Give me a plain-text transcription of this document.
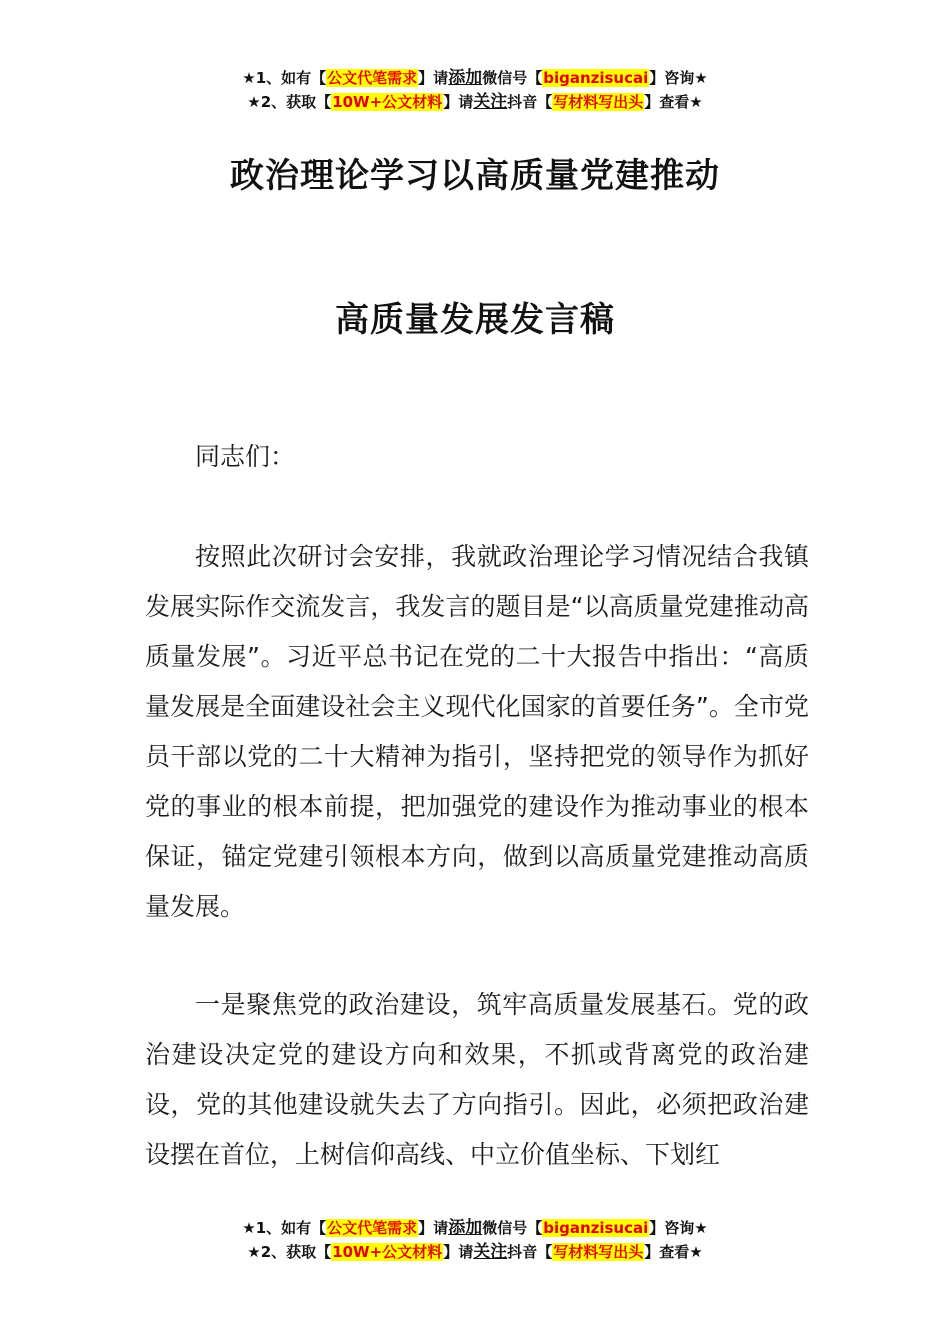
★1、如有【公文代笔需求】请添加微信号【biganzisucai】咨询★
★2、获取【10W+公文材料】请关注抖音【写材料写出头】查看★
政治理论学习以高质量党建推动
高质量发展发言稿

同志们：

按照此次研讨会安排，我就政治理论学习情况结合我镇发展实际作交流发言，我发言的题目是“以高质量党建推动高质量发展”。习近平总书记在党的二十大报告中指出：“高质量发展是全面建设社会主义现代化国家的首要任务”。全市党员干部以党的二十大精神为指引，坚持把党的领导作为抓好党的事业的根本前提，把加强党的建设作为推动事业的根本保证，锚定党建引领根本方向，做到以高质量党建推动高质量发展。

一是聚焦党的政治建设，筑牢高质量发展基石。党的政治建设决定党的建设方向和效果，不抓或背离党的政治建设，党的其他建设就失去了方向指引。因此，必须把政治建设摆在首位，上树信仰高线、中立价值坐标、下划红

★1、如有【公文代笔需求】请添加微信号【biganzisucai】咨询★
★2、获取【10W+公文材料】请关注抖音【写材料写出头】查看★
